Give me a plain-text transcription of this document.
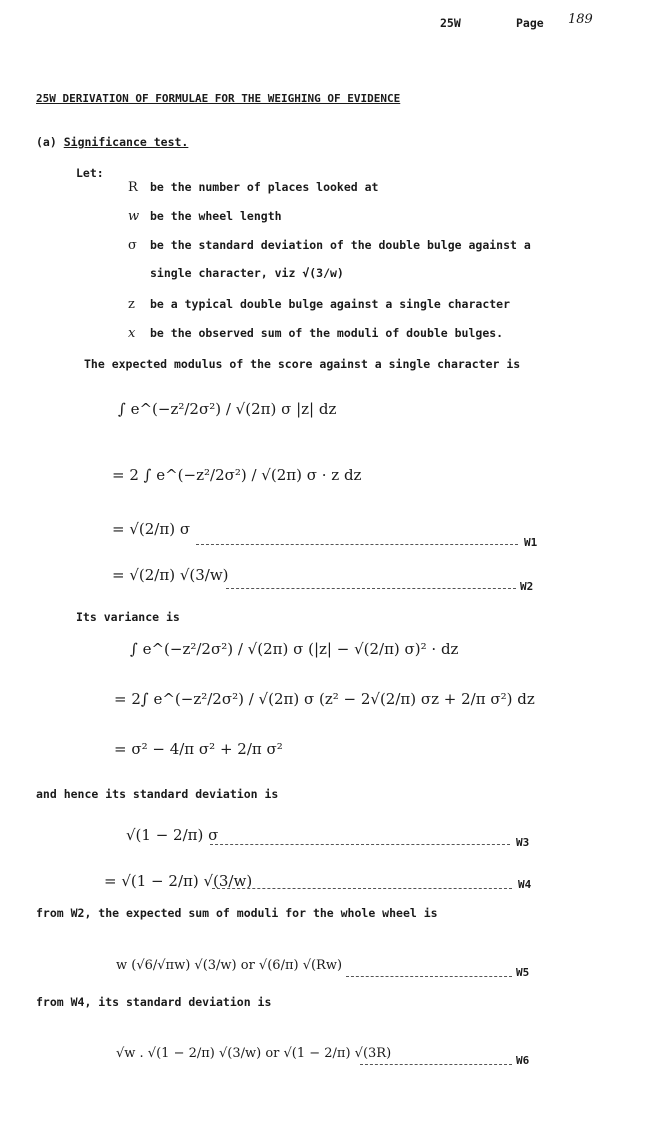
25W	Page 189
25W DERIVATION OF FORMULAE FOR THE WEIGHING OF EVIDENCE
(a) Significance test.
Let:
R be the number of places looked at
w be the wheel length
σ be the standard deviation of the double bulge against a
single character, viz √(3/w)
z be a typical double bulge against a single character
x be the observed sum of the moduli of double bulges.
The expected modulus of the score against a single character is
∫ e^(−z²/2σ²) / √(2π) σ |z| dz
= 2 ∫ e^(−z²/2σ²) / √(2π) σ · z dz
= √(2/π) σ
W1
= √(2/π) √(3/w)
W2
Its variance is
∫ e^(−z²/2σ²) / √(2π) σ (|z| − √(2/π) σ)² · dz
= 2∫ e^(−z²/2σ²) / √(2π) σ (z² − 2√(2/π) σz + 2/π σ²) dz
= σ² − 4/π σ² + 2/π σ²
and hence its standard deviation is
√(1 − 2/π) σ	W3
= √(1 − 2/π) √(3/w)	W4
from W2, the expected sum of moduli for the whole wheel is
w (√6/√πw) √(3/w) or √(6/π) √(Rw)	W5
from W4, its standard deviation is
√w . √(1 − 2/π) √(3/w) or √(1 − 2/π) √(3R)	W6
